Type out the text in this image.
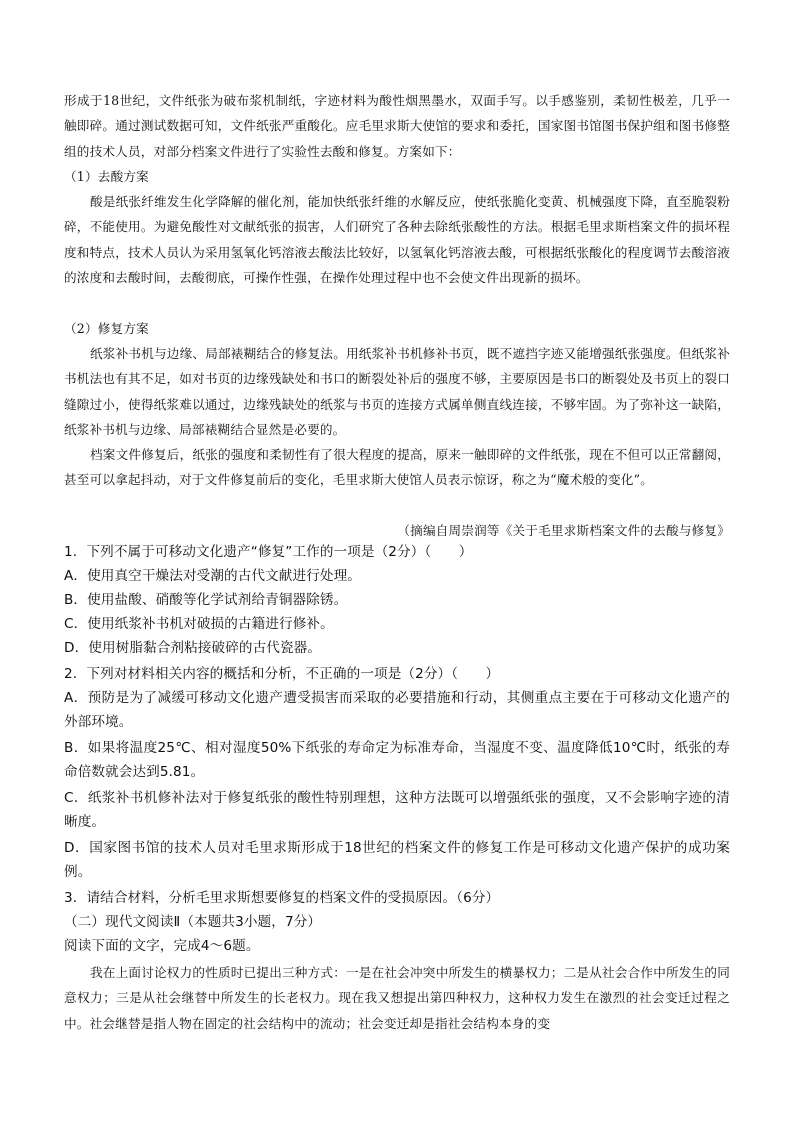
形成于18世纪，文件纸张为破布浆机制纸，字迹材料为酸性烟黑墨水，双面手写。以手感鉴别，柔韧性极差，几乎一触即碎。通过测试数据可知，文件纸张严重酸化。应毛里求斯大使馆的要求和委托，国家图书馆图书保护组和图书修整组的技术人员，对部分档案文件进行了实验性去酸和修复。方案如下：

（1）去酸方案

酸是纸张纤维发生化学降解的催化剂，能加快纸张纤维的水解反应，使纸张脆化变黄、机械强度下降，直至脆裂粉碎，不能使用。为避免酸性对文献纸张的损害，人们研究了各种去除纸张酸性的方法。根据毛里求斯档案文件的损坏程度和特点，技术人员认为采用氢氧化钙溶液去酸法比较好，以氢氧化钙溶液去酸，可根据纸张酸化的程度调节去酸溶液的浓度和去酸时间，去酸彻底，可操作性强，在操作处理过程中也不会使文件出现新的损坏。

（2）修复方案

纸浆补书机与边缘、局部裱糊结合的修复法。用纸浆补书机修补书页，既不遮挡字迹又能增强纸张强度。但纸浆补书机法也有其不足，如对书页的边缘残缺处和书口的断裂处补后的强度不够，主要原因是书口的断裂处及书页上的裂口缝隙过小，使得纸浆难以通过，边缘残缺处的纸浆与书页的连接方式属单侧直线连接，不够牢固。为了弥补这一缺陷，纸浆补书机与边缘、局部裱糊结合显然是必要的。

档案文件修复后，纸张的强度和柔韧性有了很大程度的提高，原来一触即碎的文件纸张，现在不但可以正常翻阅，甚至可以拿起抖动，对于文件修复前后的变化，毛里求斯大使馆人员表示惊讶，称之为“魔术般的变化”。

（摘编自周崇润等《关于毛里求斯档案文件的去酸与修复》

1．下列不属于可移动文化遗产“修复”工作的一项是（2分）（　　）

A．使用真空干燥法对受潮的古代文献进行处理。

B．使用盐酸、硝酸等化学试剂给青铜器除锈。

C．使用纸浆补书机对破损的古籍进行修补。

D．使用树脂黏合剂粘接破碎的古代瓷器。

2．下列对材料相关内容的概括和分析，不正确的一项是（2分）（　　）

A．预防是为了减缓可移动文化遗产遭受损害而采取的必要措施和行动，其侧重点主要在于可移动文化遗产的外部环境。

B．如果将温度25℃、相对湿度50%下纸张的寿命定为标准寿命，当湿度不变、温度降低10℃时，纸张的寿命倍数就会达到5.81。

C．纸浆补书机修补法对于修复纸张的酸性特别理想，这种方法既可以增强纸张的强度，又不会影响字迹的清晰度。

D．国家图书馆的技术人员对毛里求斯形成于18世纪的档案文件的修复工作是可移动文化遗产保护的成功案例。

3．请结合材料，分析毛里求斯想要修复的档案文件的受损原因。（6分）

（二）现代文阅读Ⅱ（本题共3小题，7分）

阅读下面的文字，完成4～6题。

我在上面讨论权力的性质时已提出三种方式：一是在社会冲突中所发生的横暴权力；二是从社会合作中所发生的同意权力；三是从社会继替中所发生的长老权力。现在我又想提出第四种权力，这种权力发生在激烈的社会变迁过程之中。社会继替是指人物在固定的社会结构中的流动；社会变迁却是指社会结构本身的变
